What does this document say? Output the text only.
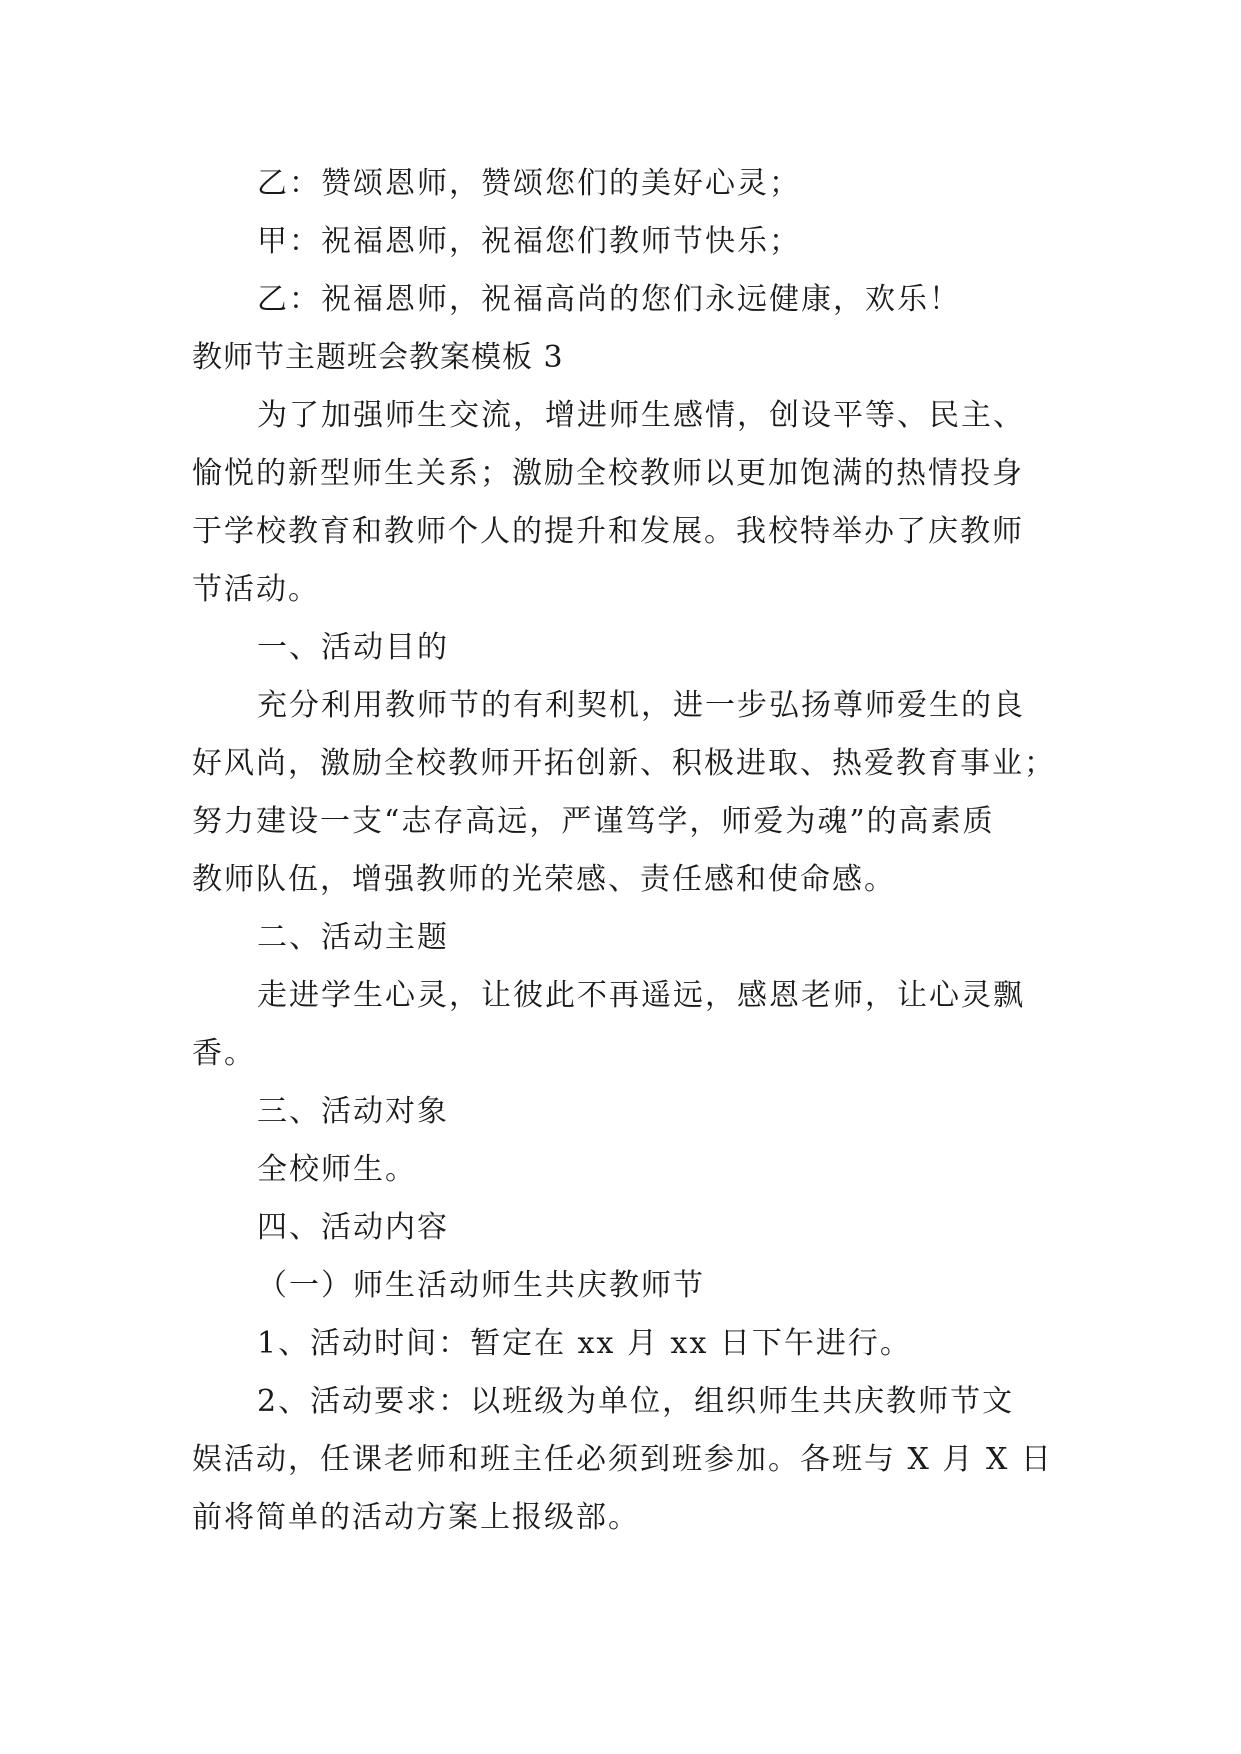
乙：赞颂恩师，赞颂您们的美好心灵；
甲：祝福恩师，祝福您们教师节快乐；
乙：祝福恩师，祝福高尚的您们永远健康，欢乐！
教师节主题班会教案模板 3
为了加强师生交流，增进师生感情，创设平等、民主、
愉悦的新型师生关系；激励全校教师以更加饱满的热情投身
于学校教育和教师个人的提升和发展。我校特举办了庆教师
节活动。
一、活动目的
充分利用教师节的有利契机，进一步弘扬尊师爱生的良
好风尚，激励全校教师开拓创新、积极进取、热爱教育事业；
努力建设一支“志存高远，严谨笃学，师爱为魂”的高素质
教师队伍，增强教师的光荣感、责任感和使命感。
二、活动主题
走进学生心灵，让彼此不再遥远，感恩老师，让心灵飘
香。
三、活动对象
全校师生。
四、活动内容
（一）师生活动师生共庆教师节
1、活动时间：暂定在 xx 月 xx 日下午进行。
2、活动要求：以班级为单位，组织师生共庆教师节文
娱活动，任课老师和班主任必须到班参加。各班与 X 月 X 日
前将简单的活动方案上报级部。
